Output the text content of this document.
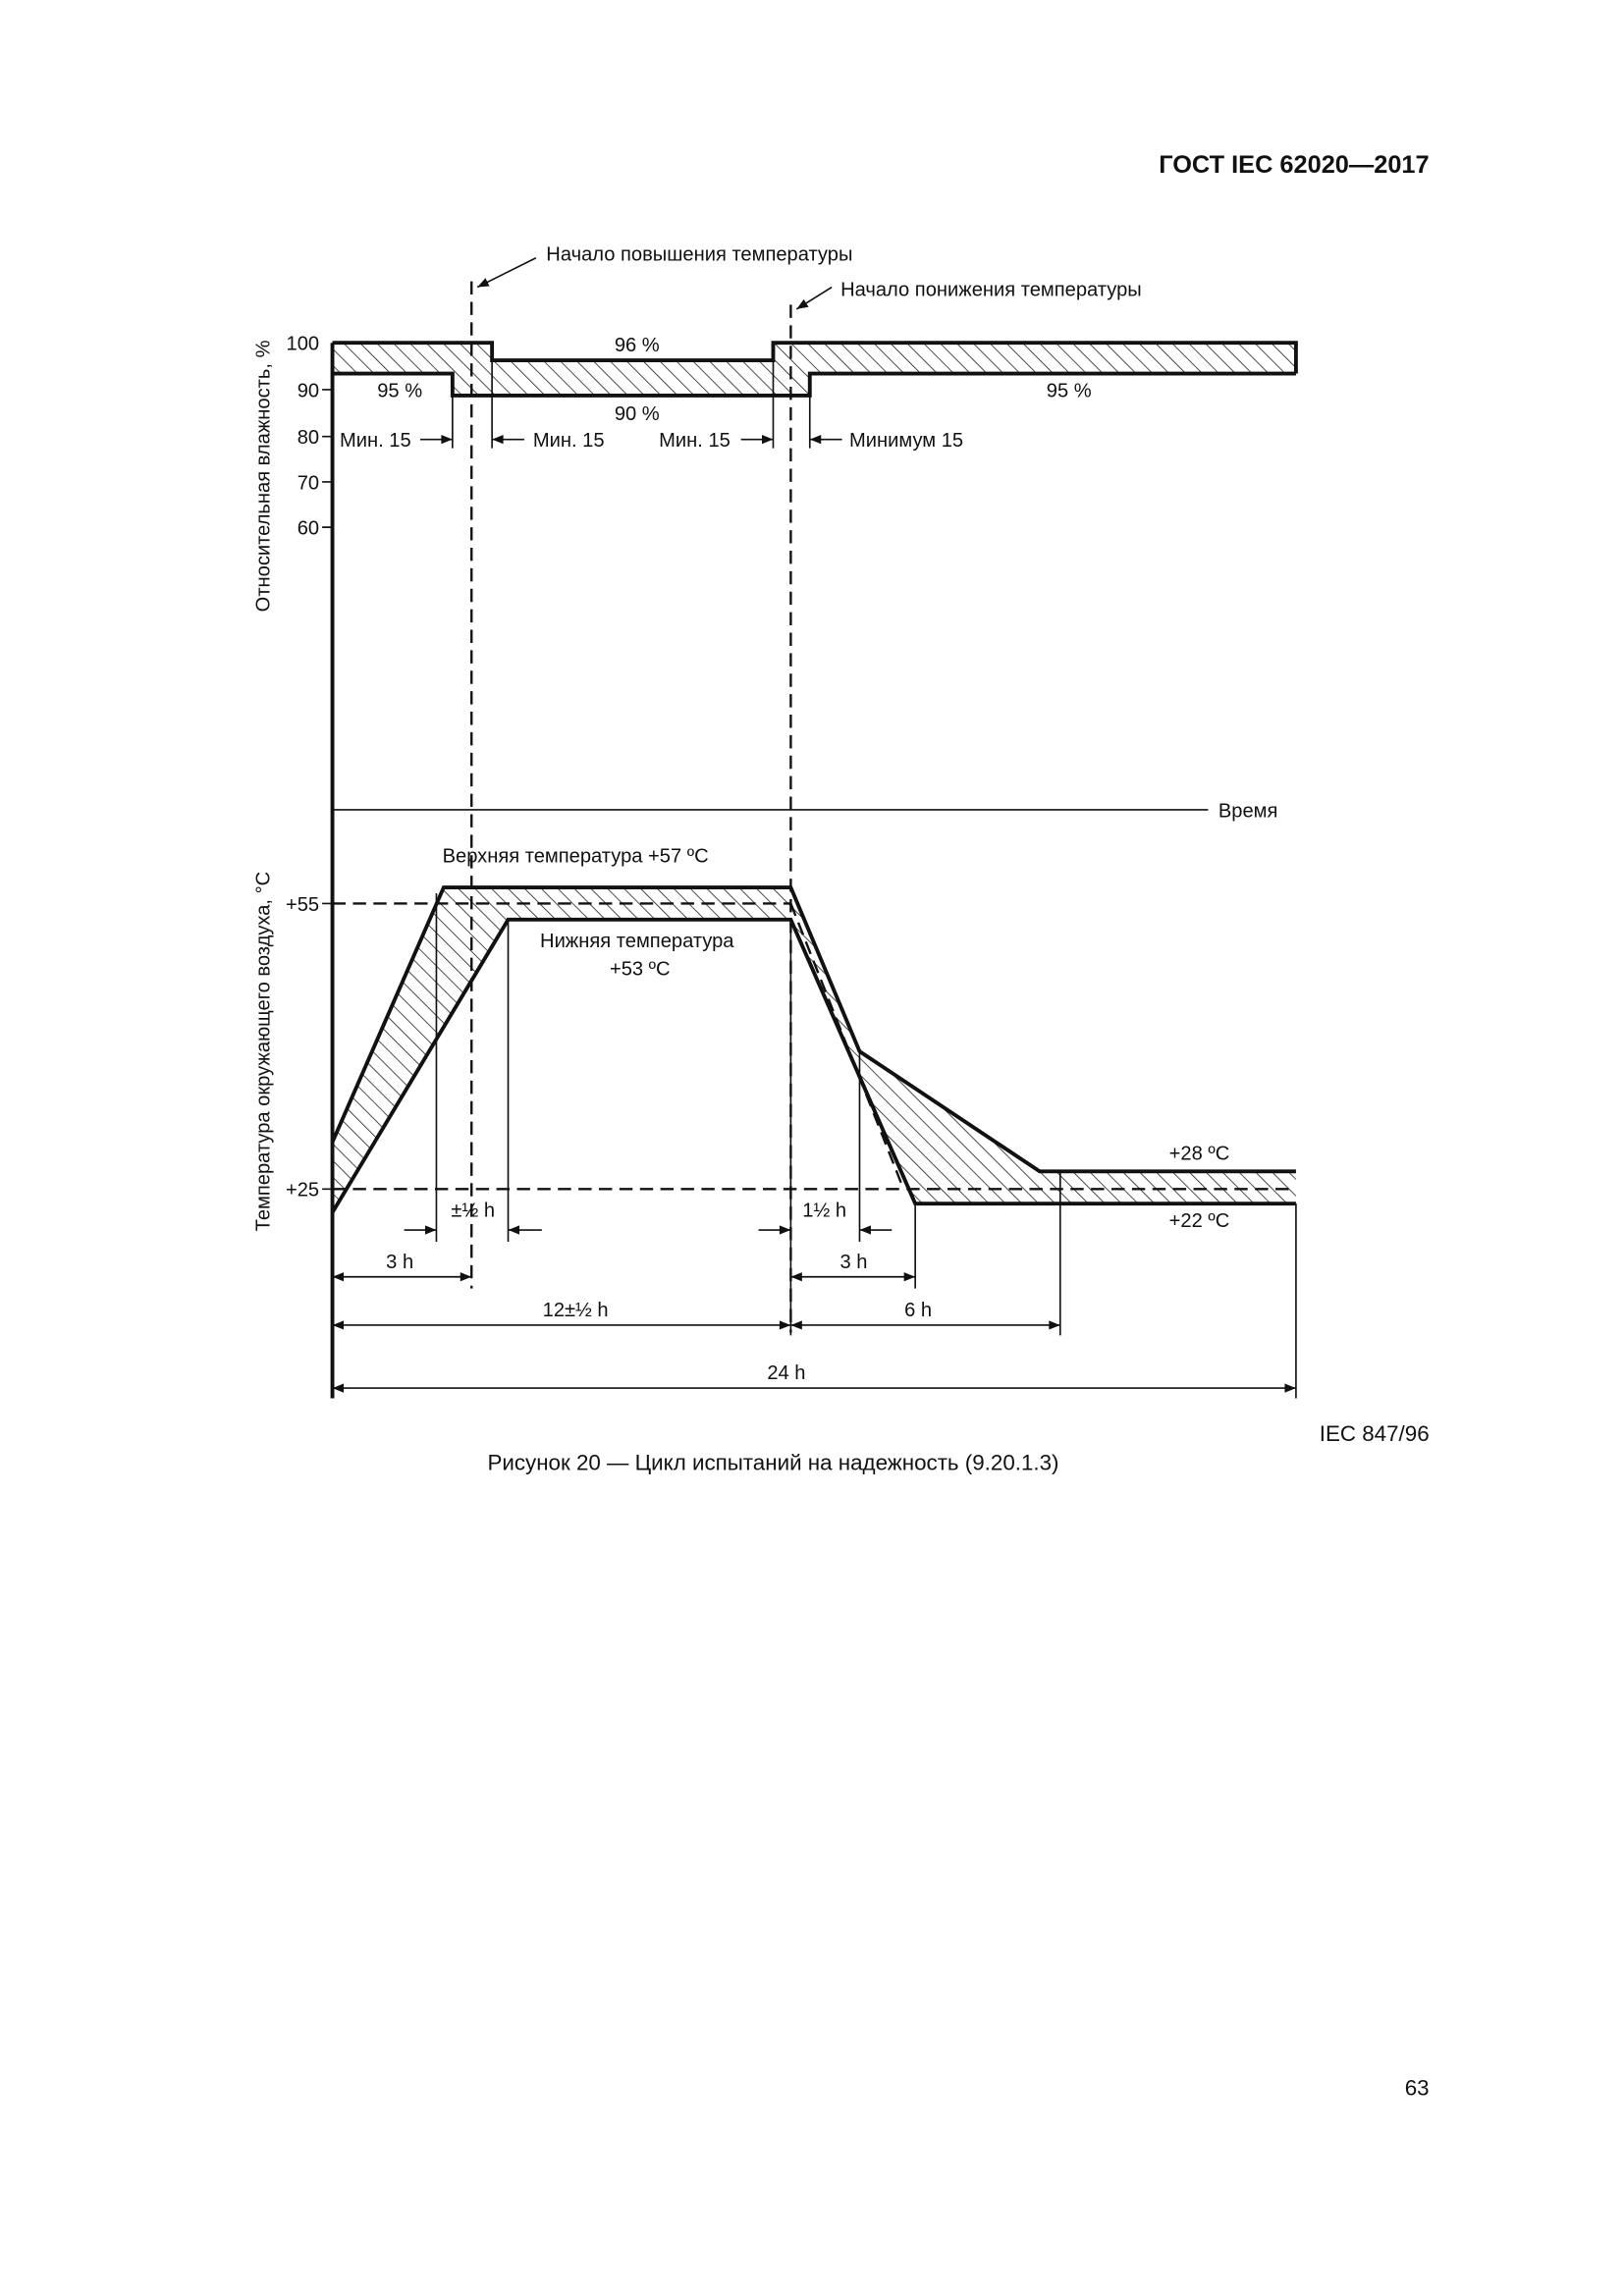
ГОСТ IEC 62020—2017
Время
Относительная влажность, %
Температура окружающего воздуха, °С
100
90
80
70
60
96 %
90 %
95 %	95 %
Мин. 15	Мин. 15	Мин. 15	Минимум 15
Начало повышения температуры
Начало понижения температуры
+55
+25
Верхняя температура +57 ºС
Нижняя температура
+53 ºС
+28 ºС
+22 ºС
±½ h	1½ h
3 h	3 h
12±½ h	6 h
24 h
IEC 847/96
Рисунок 20 — Цикл испытаний на надежность (9.20.1.3)
63
